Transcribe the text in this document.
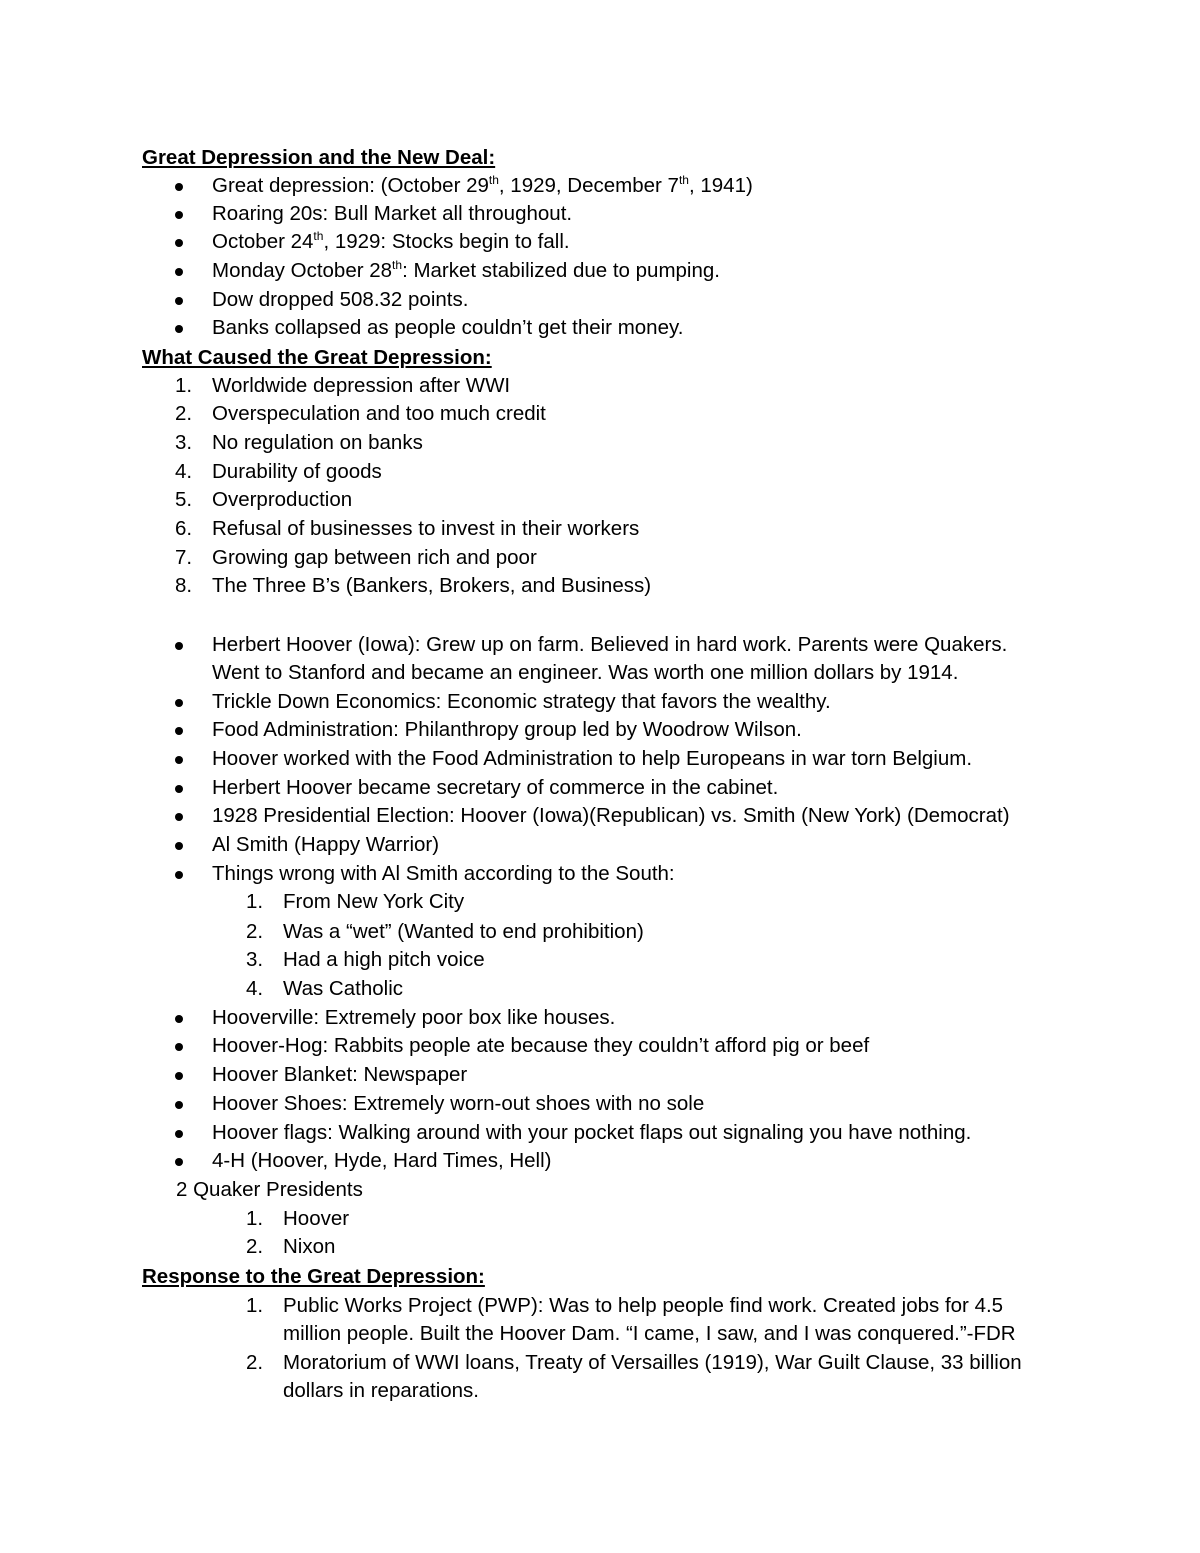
Great Depression and the New Deal:
Great depression: (October 29th, 1929, December 7th, 1941)
Roaring 20s: Bull Market all throughout.
October 24th, 1929: Stocks begin to fall.
Monday October 28th: Market stabilized due to pumping.
Dow dropped 508.32 points.
Banks collapsed as people couldn’t get their money.
What Caused the Great Depression:
1. Worldwide depression after WWI
2. Overspeculation and too much credit
3. No regulation on banks
4. Durability of goods
5. Overproduction
6. Refusal of businesses to invest in their workers
7. Growing gap between rich and poor
8. The Three B’s (Bankers, Brokers, and Business)
Herbert Hoover (Iowa): Grew up on farm. Believed in hard work. Parents were Quakers.
Went to Stanford and became an engineer. Was worth one million dollars by 1914.
Trickle Down Economics: Economic strategy that favors the wealthy.
Food Administration: Philanthropy group led by Woodrow Wilson.
Hoover worked with the Food Administration to help Europeans in war torn Belgium.
Herbert Hoover became secretary of commerce in the cabinet.
1928 Presidential Election: Hoover (Iowa)(Republican) vs. Smith (New York) (Democrat)
Al Smith (Happy Warrior)
Things wrong with Al Smith according to the South:
1. From New York City
2. Was a “wet” (Wanted to end prohibition)
3. Had a high pitch voice
4. Was Catholic
Hooverville: Extremely poor box like houses.
Hoover-Hog: Rabbits people ate because they couldn’t afford pig or beef
Hoover Blanket: Newspaper
Hoover Shoes: Extremely worn-out shoes with no sole
Hoover flags: Walking around with your pocket flaps out signaling you have nothing.
4-H (Hoover, Hyde, Hard Times, Hell)
2 Quaker Presidents
1. Hoover
2. Nixon
Response to the Great Depression:
1. Public Works Project (PWP): Was to help people find work. Created jobs for 4.5
million people. Built the Hoover Dam. “I came, I saw, and I was conquered.”-FDR
2. Moratorium of WWI loans, Treaty of Versailles (1919), War Guilt Clause, 33 billion
dollars in reparations.
